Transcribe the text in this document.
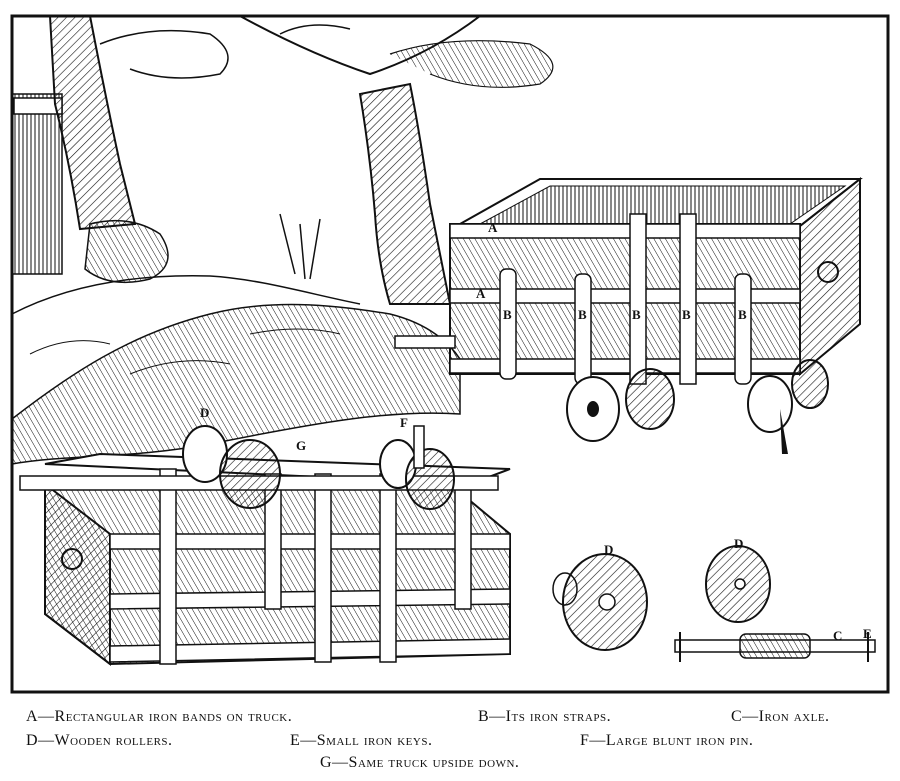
A
A
B	B	B	B	B
D
G
F
D	D
C E
A—Rectangular iron bands on truck.	B—Its iron straps.	C—Iron axle.
D—Wooden rollers.	E—Small iron keys.	F—Large blunt iron pin.
G—Same truck upside down.
